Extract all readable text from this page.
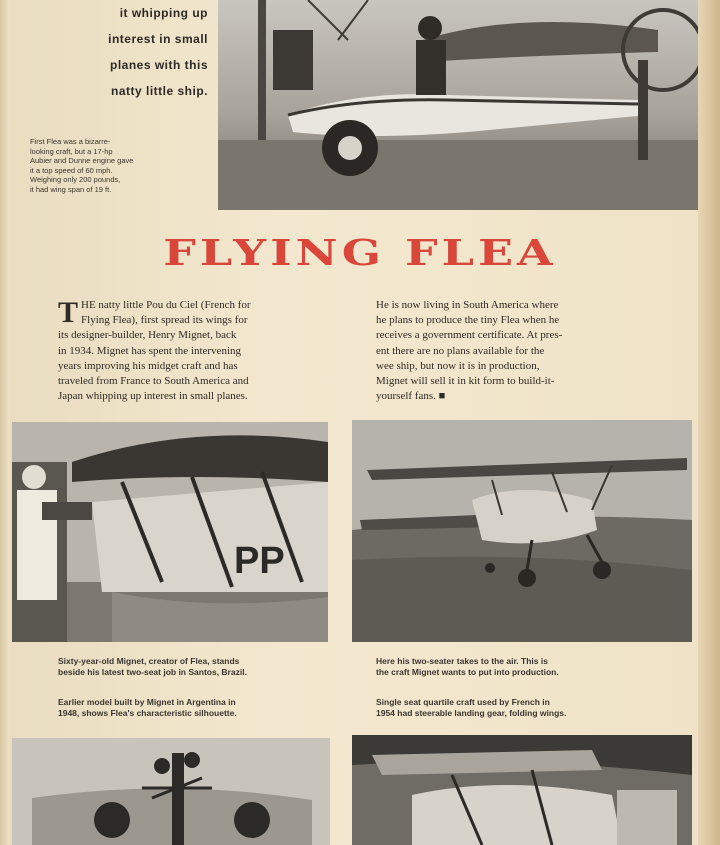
it whipping up
interest in small
planes with this
natty little ship.
First Flea was a bizarre-
looking craft, but a 17-hp
Aubier and Dunne engine gave
it a top speed of 60 mph.
Weighing only 200 pounds,
it had wing span of 19 ft.
FLYING FLEA
T HE natty little Pou du Ciel (French for
Flying Flea), first spread its wings for
its designer-builder, Henry Mignet, back
in 1934. Mignet has spent the intervening
years improving his midget craft and has
traveled from France to South America and
Japan whipping up interest in small planes.
He is now living in South America where
he plans to produce the tiny Flea when he
receives a government certificate. At pres-
ent there are no plans available for the
wee ship, but now it is in production,
Mignet will sell it in kit form to build-it-
yourself fans. ■
PP
Sixty-year-old Mignet, creator of Flea, stands
beside his latest two-seat job in Santos, Brazil.
Earlier model built by Mignet in Argentina in
1948, shows Flea's characteristic silhouette.
Here his two-seater takes to the air. This is
the craft Mignet wants to put into production.
Single seat quartile craft used by French in
1954 had steerable landing gear, folding wings.
